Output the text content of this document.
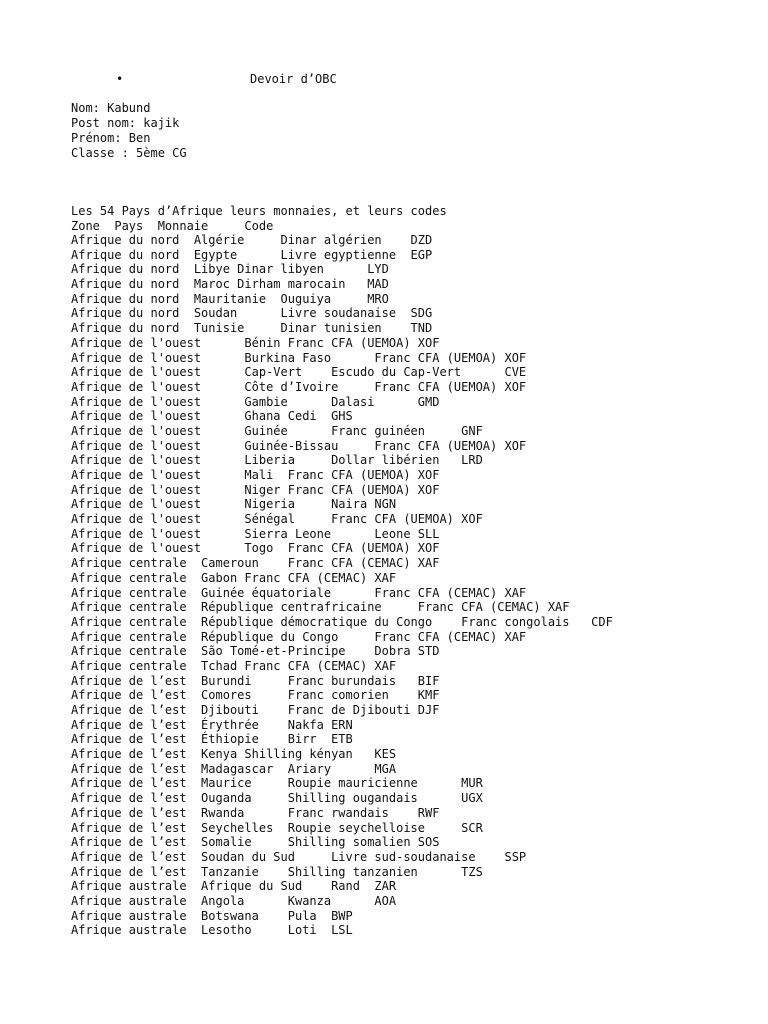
•	Devoir d’OBC
Nom: Kabund
Post nom: kajik
Prénom: Ben
Classe : 5ème CG
Les 54 Pays d’Afrique leurs monnaies, et leurs codes
Zone  Pays  Monnaie     Code
Afrique du nord  Algérie     Dinar algérien    DZD
Afrique du nord  Egypte      Livre egyptienne  EGP
Afrique du nord  Libye Dinar libyen      LYD
Afrique du nord  Maroc Dirham marocain   MAD
Afrique du nord  Mauritanie  Ouguiya     MRO
Afrique du nord  Soudan      Livre soudanaise  SDG
Afrique du nord  Tunisie     Dinar tunisien    TND
Afrique de l'ouest      Bénin Franc CFA (UEMOA) XOF
Afrique de l'ouest      Burkina Faso      Franc CFA (UEMOA) XOF
Afrique de l'ouest      Cap-Vert    Escudo du Cap-Vert      CVE
Afrique de l'ouest      Côte d’Ivoire     Franc CFA (UEMOA) XOF
Afrique de l'ouest      Gambie      Dalasi      GMD
Afrique de l'ouest      Ghana Cedi  GHS
Afrique de l'ouest      Guinée      Franc guinéen     GNF
Afrique de l'ouest      Guinée-Bissau     Franc CFA (UEMOA) XOF
Afrique de l'ouest      Liberia     Dollar libérien   LRD
Afrique de l'ouest      Mali  Franc CFA (UEMOA) XOF
Afrique de l'ouest      Niger Franc CFA (UEMOA) XOF
Afrique de l'ouest      Nigeria     Naira NGN
Afrique de l'ouest      Sénégal     Franc CFA (UEMOA) XOF
Afrique de l'ouest      Sierra Leone      Leone SLL
Afrique de l'ouest      Togo  Franc CFA (UEMOA) XOF
Afrique centrale  Cameroun    Franc CFA (CEMAC) XAF
Afrique centrale  Gabon Franc CFA (CEMAC) XAF
Afrique centrale  Guinée équatoriale      Franc CFA (CEMAC) XAF
Afrique centrale  République centrafricaine     Franc CFA (CEMAC) XAF
Afrique centrale  République démocratique du Congo    Franc congolais   CDF
Afrique centrale  République du Congo     Franc CFA (CEMAC) XAF
Afrique centrale  São Tomé-et-Principe    Dobra STD
Afrique centrale  Tchad Franc CFA (CEMAC) XAF
Afrique de l’est  Burundi     Franc burundais   BIF
Afrique de l’est  Comores     Franc comorien    KMF
Afrique de l’est  Djibouti    Franc de Djibouti DJF
Afrique de l’est  Érythrée    Nakfa ERN
Afrique de l’est  Éthiopie    Birr  ETB
Afrique de l’est  Kenya Shilling kényan   KES
Afrique de l’est  Madagascar  Ariary      MGA
Afrique de l’est  Maurice     Roupie mauricienne      MUR
Afrique de l’est  Ouganda     Shilling ougandais      UGX
Afrique de l’est  Rwanda      Franc rwandais    RWF
Afrique de l’est  Seychelles  Roupie seychelloise     SCR
Afrique de l’est  Somalie     Shilling somalien SOS
Afrique de l’est  Soudan du Sud     Livre sud-soudanaise    SSP
Afrique de l’est  Tanzanie    Shilling tanzanien      TZS
Afrique australe  Afrique du Sud    Rand  ZAR
Afrique australe  Angola      Kwanza      AOA
Afrique australe  Botswana    Pula  BWP
Afrique australe  Lesotho     Loti  LSL
